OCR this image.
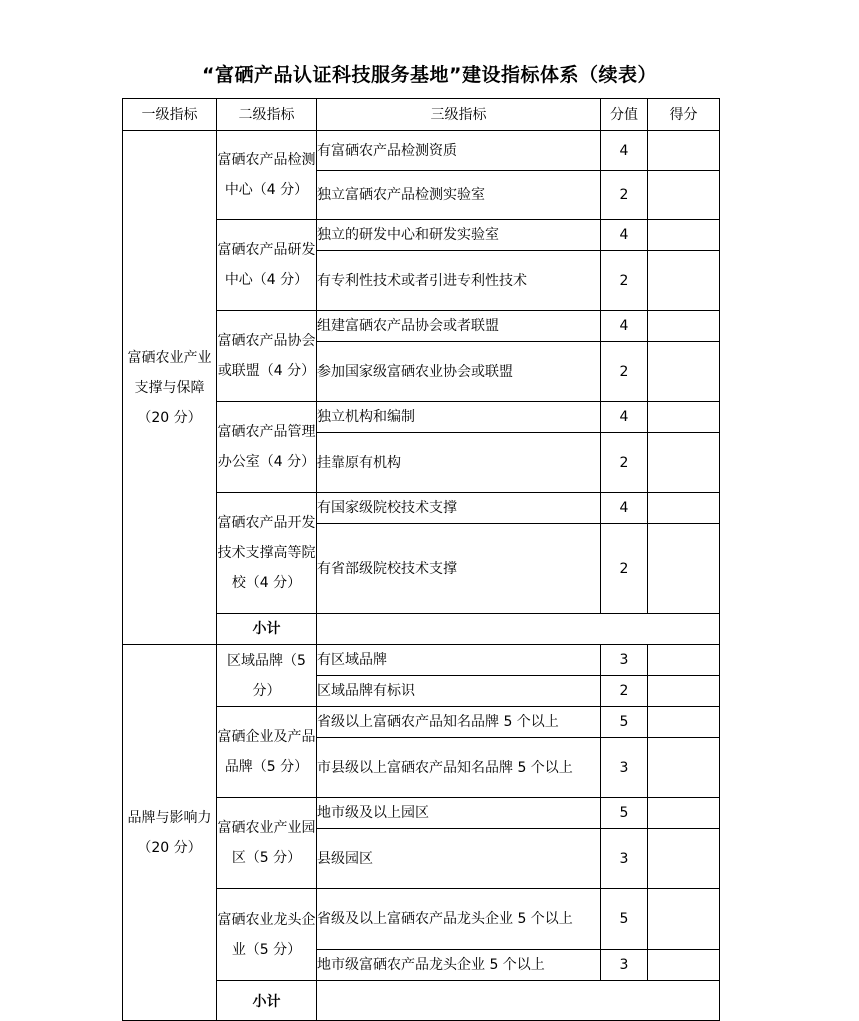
“富硒产品认证科技服务基地”建设指标体系（续表）
一级指标	二级指标	三级指标	分值	得分
富硒农业产业支撑与保障（20 分）	富硒农产品检测中心（4 分）	有富硒农产品检测资质	4	
		独立富硒农产品检测实验室	2	
	富硒农产品研发中心（4 分）	独立的研发中心和研发实验室	4	
		有专利性技术或者引进专利性技术	2	
	富硒农产品协会或联盟（4 分）	组建富硒农产品协会或者联盟	4	
		参加国家级富硒农业协会或联盟	2	
	富硒农产品管理办公室（4 分）	独立机构和编制	4	
		挂靠原有机构	2	
	富硒农产品开发技术支撑高等院校（4 分）	有国家级院校技术支撑	4	
		有省部级院校技术支撑	2	
	小计			
品牌与影响力（20 分）	区域品牌（5 分）	有区域品牌	3	
		区域品牌有标识	2	
	富硒企业及产品品牌（5 分）	省级以上富硒农产品知名品牌 5 个以上	5	
		市县级以上富硒农产品知名品牌 5 个以上	3	
	富硒农业产业园区（5 分）	地市级及以上园区	5	
		县级园区	3	
	富硒农业龙头企业（5 分）	省级及以上富硒农产品龙头企业 5 个以上	5	
		地市级富硒农产品龙头企业 5 个以上	3	
	小计			
